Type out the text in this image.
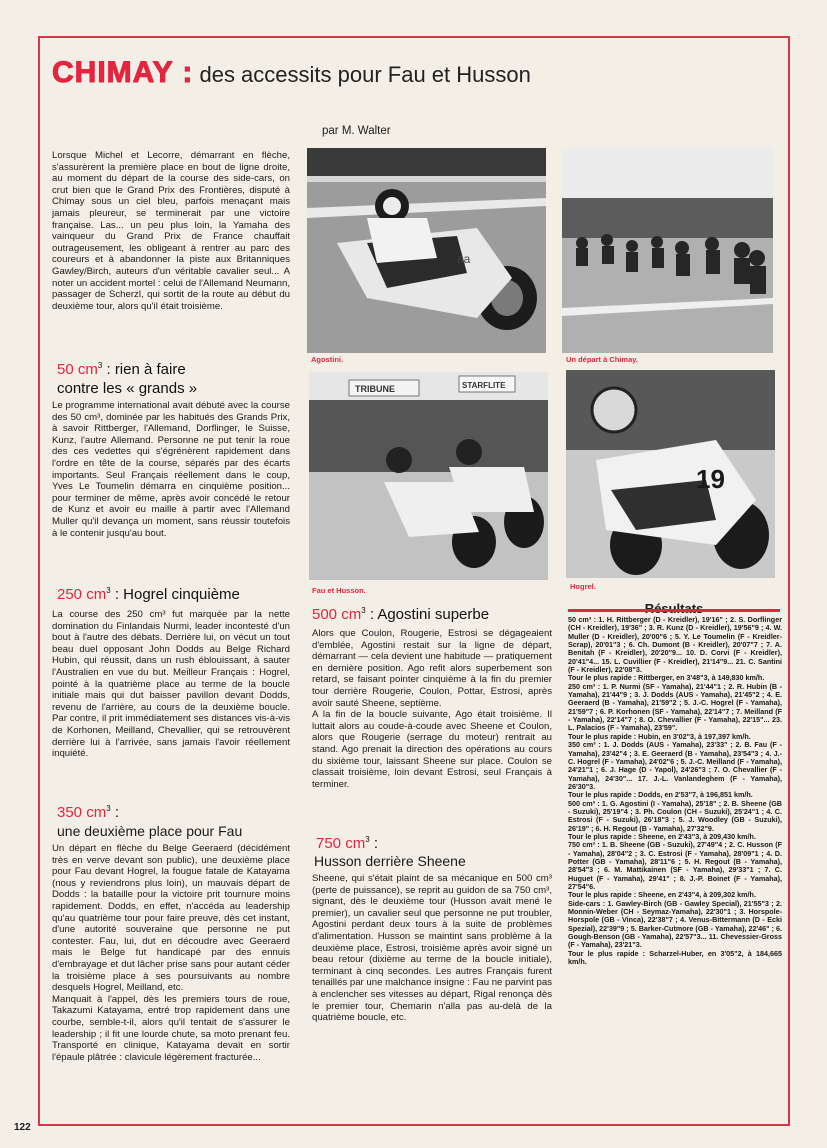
CHIMAY : des accessits pour Fau et Husson
par M. Walter

Lorsque Michel et Lecorre, démarrant en flèche, s'assurèrent la première place en bout de ligne droite, au moment du départ de la course des side-cars, on crut bien que le Grand Prix des Frontières, disputé à Chimay sous un ciel bleu, parfois menaçant mais jamais pleureur, se terminerait par une victoire française. Las... un peu plus loin, la Yamaha des vainqueur du Grand Prix de France chauffait outrageusement, les obligeant à rentrer au parc des coureurs et à abandonner la piste aux Britanniques Gawley/Birch, auteurs d'un véritable cavalier seul... A noter un accident mortel : celui de l'Allemand Neumann, passager de Scherzl, qui sortit de la route au début du deuxième tour, alors qu'il était troisième.

50 $cm^3$ : rien à faire
contre les « grands »

Le programme international avait débuté avec la course des 50 cm³, dominée par les habitués des Grands Prix, à savoir Rittberger, l'Allemand, Dorflinger, le Suisse, Kunz, l'autre Allemand. Personne ne put tenir la roue des ces vedettes qui s'égrénèrent rapidement dans l'ordre en tête de la course, séparés par des écarts importants. Seul Français réellement dans le coup, Yves Le Toumelin démarra en cinquième position... pour terminer de même, après avoir concédé le retour de Kunz et avoir eu maille à partir avec l'Allemand Muller qu'il devança un moment, sans réussir toutefois à le contenir jusqu'au bout.

250 $cm^3$ : Hogrel cinquième

La course des 250 cm³ fut marquée par la nette domination du Finlandais Nurmi, leader incontesté d'un bout à l'autre des débats. Derrière lui, on vécut un tout beau duel opposant John Dodds au Belge Richard Hubin, qui réussit, dans un rush éblouissant, à sauter l'Australien en vue du but. Meilleur Français : Hogrel, pointé à la quatrième place au terme de la boucle initiale mais qui dut baisser pavillon devant Dodds, revenu de l'arrière, au cours de la deuxième boucle. Par contre, il prit immédiatement ses distances vis-à-vis de Korhonen, Meilland, Chevallier, qui se retrouvèrent derrière lui à l'arrivée, sans jamais l'avoir réellement inquiété.

350 $cm^3$ :
une deuxième place pour Fau

Un départ en flèche du Belge Geeraerd (décidément très en verve devant son public), une deuxième place pour Fau devant Hogrel, la fougue fatale de Katayama (nous y reviendrons plus loin), un mauvais départ de Dodds : la bataille pour la victoire prit tournure moins rapidement. Dodds, en effet, n'accéda au leadership qu'au quatrième tour pour faire preuve, dès cet instant, d'une autorité souveraine que personne ne put contester. Fau, lui, dut en découdre avec Geeraerd mais le Belge fut handicapé par des ennuis d'embrayage et dut lâcher prise sans pour autant céder la troisième place à ses poursuivants au nombre desquels Hogrel, Meilland, etc.
Manquait à l'appel, dès les premiers tours de roue, Takazumi Katayama, entré trop rapidement dans une courbe, semble-t-il, alors qu'il tentait de s'assurer le leadership ; il fit une lourde chute, sa moto prenant feu. Transporté en clinique, Katayama devait en sortir l'épaule plâtrée : clavicule légèrement fracturée...

aa
Agostini.	Un départ à Chimay.
TRIBUNE	STARFLITE
Fau et Husson.
19
Hogrel.
500 $cm^3$ : Agostini superbe

Alors que Coulon, Rougerie, Estrosi se dégageaient d'emblée, Agostini restait sur la ligne de départ, démarrant — cela devient une habitude — pratiquement en dernière position. Ago refit alors superbement son retard, se faisant pointer cinquième à la fin du premier tour derrière Rougerie, Coulon, Pottar, Estrosi, après avoir sauté Sheene, septième.
A la fin de la boucle suivante, Ago était troisième. Il luttait alors au coude-à-coude avec Sheene et Coulon, alors que Rougerie (serrage du moteur) rentrait au stand. Ago prenait la direction des opérations au cours du sixième tour, laissant Sheene sur place. Coulon se classait troisième, loin devant Estrosi, seul Français à terminer.

750 $cm^3$ :
Husson derrière Sheene

Sheene, qui s'était plaint de sa mécanique en 500 cm³ (perte de puissance), se reprit au guidon de sa 750 cm³, signant, dès le deuxième tour (Husson avait mené le premier), un cavalier seul que personne ne put troubler, Agostini perdant deux tours à la suite de problèmes d'alimentation. Husson se maintint sans problème à la deuxième place, Estrosi, troisième après avoir signé un beau retour (dixième au terme de la boucle initiale), terminant à cinq secondes. Les autres Français furent tenaillés par une malchance insigne : Fau ne parvint pas à enclencher ses vitesses au départ, Rigal renonça dès le premier tour, Chemarin n'alla pas au-delà de la quatrième boucle, etc.

50 cm³ : 1. H. Rittberger (D - Kreidler), 19'16" ; 2. S. Dorflinger (CH - Kreidler), 19'36" ; 3. R. Kunz (D - Kreidler), 19'56"9 ; 4. W. Muller (D - Kreidler), 20'00"6 ; 5. Y. Le Toumelin (F - Kreidler-Scrap), 20'01"3 ; 6. Ch. Dumont (B - Kreidler), 20'07"7 ; 7. A. Benitah (F - Kreidler), 20'20"9... 10. D. Corvi (F - Kreidler), 20'41"4... 15. L. Cuvillier (F - Kreidler), 21'14"9... 21. C. Santini (F - Kreidler), 22'08"3.
Tour le plus rapide : Rittberger, en 3'48"3, à 149,830 km/h.
250 cm³ : 1. P. Nurmi (SF - Yamaha), 21'44"1 ; 2. R. Hubin (B - Yamaha), 21'44"9 ; 3. J. Dodds (AUS - Yamaha), 21'45"2 ; 4. E. Geeraerd (B - Yamaha), 21'59"2 ; 5. J.-C. Hogrel (F - Yamaha), 21'59"7 ; 6. P. Korhonen (SF - Yamaha), 22'14"7 ; 7. Meilland (F - Yamaha), 22'14"7 ; 8. O. Chevallier (F - Yamaha), 22'15"... 23. L. Palacios (F - Yamaha), 23'59".
Tour le plus rapide : Hubin, en 3'02"3, à 197,397 km/h.
350 cm³ : 1. J. Dodds (AUS - Yamaha), 23'33" ; 2. B. Fau (F - Yamaha), 23'42"4 ; 3. E. Geeraerd (B - Yamaha), 23'54"3 ; 4. J.-C. Hogrel (F - Yamaha), 24'02"6 ; 5. J.-C. Meilland (F - Yamaha), 24'21"1 ; 6. J. Hage (D - Yapol), 24'26"3 ; 7. O. Chevallier (F - Yamaha), 24'30"... 17. J.-L. Vanlandeghem (F - Yamaha), 26'30"3.
Tour le plus rapide : Dodds, en 2'53"7, à 196,851 km/h.
500 cm³ : 1. G. Agostini (I - Yamaha), 25'18" ; 2. B. Sheene (GB - Suzuki), 25'19"4 ; 3. Ph. Coulon (CH - Suzuki), 25'24"1 ; 4. C. Estrosi (F - Suzuki), 26'18"3 ; 5. J. Woodley (GB - Suzuki), 26'19" ; 6. H. Regout (B - Yamaha), 27'32"9.
Tour le plus rapide : Sheene, en 2'43"3, à 209,430 km/h.
750 cm³ : 1. B. Sheene (GB - Suzuki), 27'49"4 ; 2. C. Husson (F - Yamaha), 28'04"2 ; 3. C. Estrosi (F - Yamaha), 28'09"1 ; 4. D. Potter (GB - Yamaha), 28'11"6 ; 5. H. Regout (B - Yamaha), 28'54"3 ; 6. M. Mattikainen (SF - Yamaha), 29'33"1 ; 7. C. Huguet (F - Yamaha), 29'41" ; 8. J.-P. Boinet (F - Yamaha), 27'54"6.
Tour le plus rapide : Sheene, en 2'43"4, à 209,302 km/h.
Side-cars : 1. Gawley-Birch (GB - Gawley Special), 21'55"3 ; 2. Monnin-Weber (CH - Seymaz-Yamaha), 22'30"1 ; 3. Horspole-Horspole (GB - Vinca), 22'38"7 ; 4. Venus-Bittermann (D - Ecki Spezial), 22'39"9 ; 5. Barker-Cutmore (GB - Yamaha), 22'46" ; 6. Gough-Benson (GB - Yamaha), 22'57"3... 11. Chevessier-Gross (F - Yamaha), 23'21"3.
Tour le plus rapide : Scharzel-Huber, en 3'05"2, à 184,665 km/h.

122
